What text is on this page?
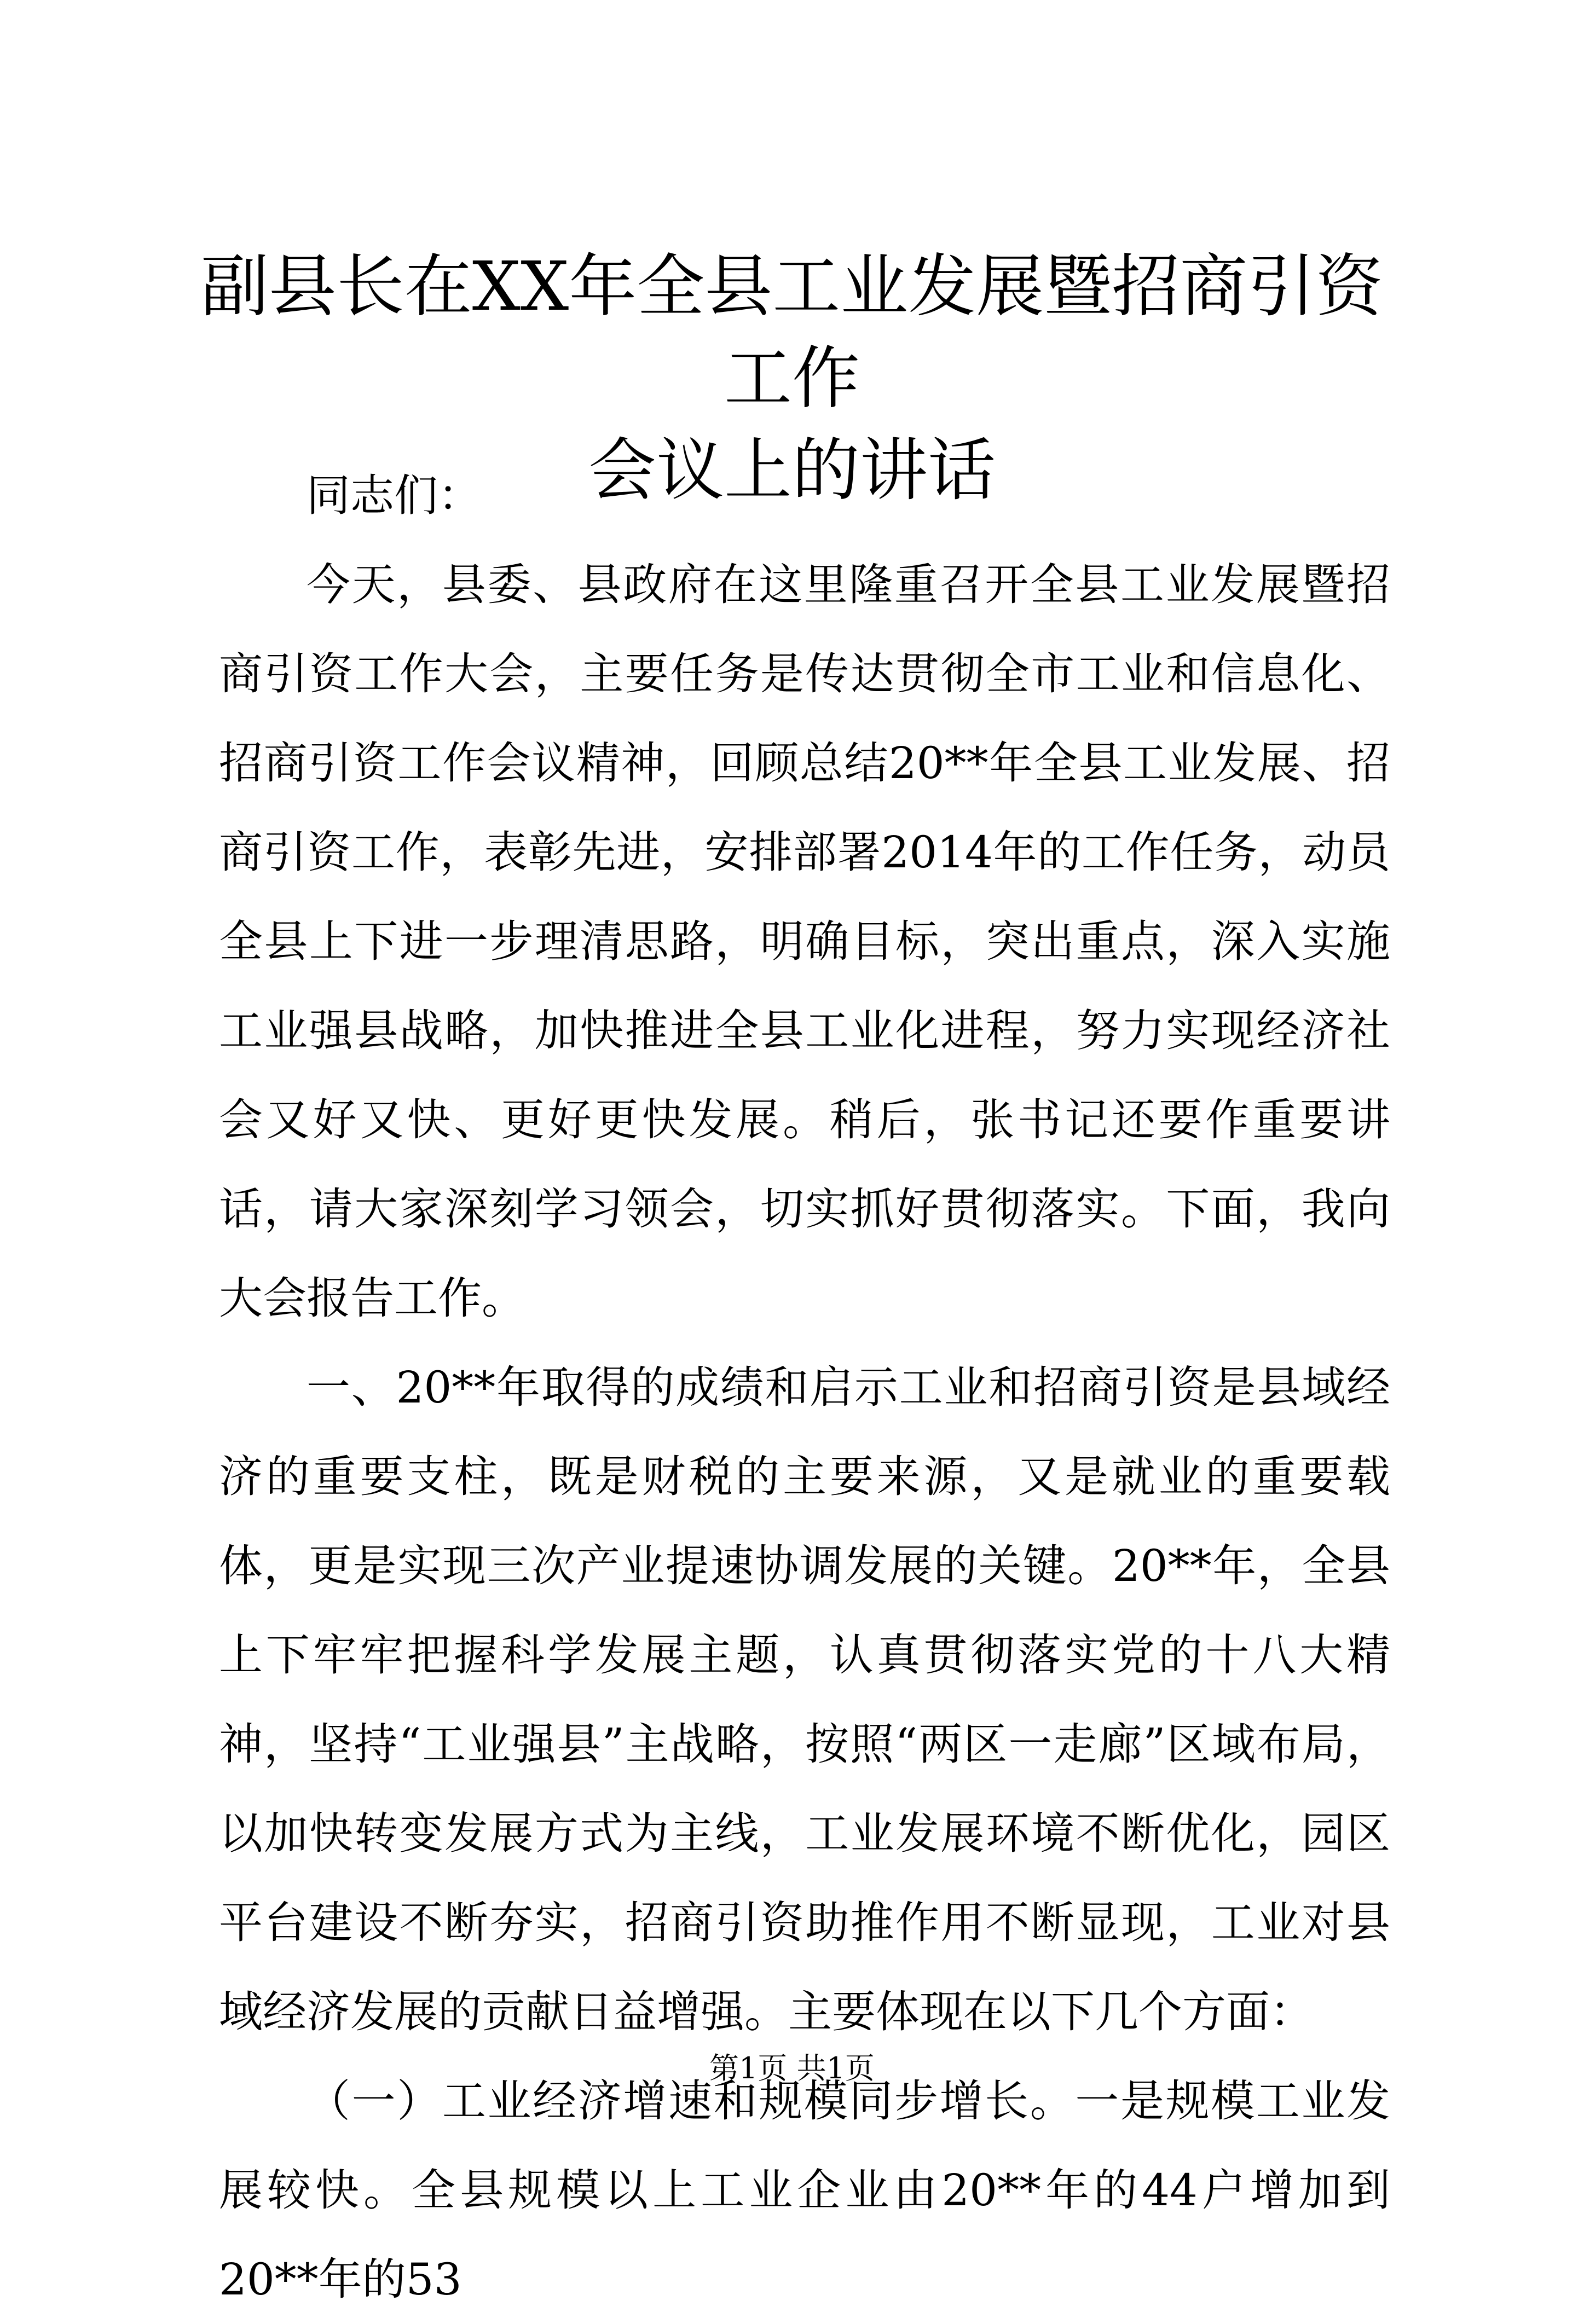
副县长在XX年全县工业发展暨招商引资工作
会议上的讲话

同志们：

今天，县委、县政府在这里隆重召开全县工业发展暨招商引资工作大会，主要任务是传达贯彻全市工业和信息化、招商引资工作会议精神，回顾总结20**年全县工业发展、招商引资工作，表彰先进，安排部署2014年的工作任务，动员全县上下进一步理清思路，明确目标，突出重点，深入实施工业强县战略，加快推进全县工业化进程，努力实现经济社会又好又快、更好更快发展。稍后，张书记还要作重要讲话，请大家深刻学习领会，切实抓好贯彻落实。下面，我向大会报告工作。

一、20**年取得的成绩和启示工业和招商引资是县域经济的重要支柱，既是财税的主要来源，又是就业的重要载体，更是实现三次产业提速协调发展的关键。20**年，全县上下牢牢把握科学发展主题，认真贯彻落实党的十八大精神，坚持“工业强县”主战略，按照“两区一走廊”区域布局，以加快转变发展方式为主线，工业发展环境不断优化，园区平台建设不断夯实，招商引资助推作用不断显现，工业对县域经济发展的贡献日益增强。主要体现在以下几个方面：

（一）工业经济增速和规模同步增长。一是规模工业发展较快。全县规模以上工业企业由20**年的44户增加到20**年的53

第1页 共1页
